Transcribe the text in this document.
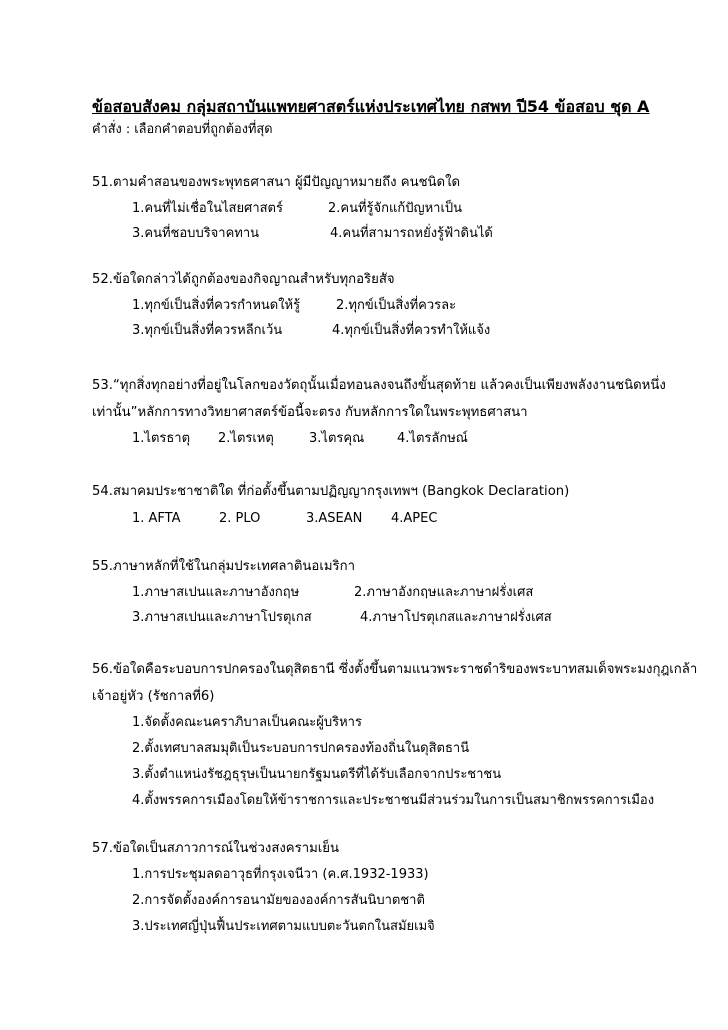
ข้อสอบสังคม กลุ่มสถาบันแพทยศาสตร์แห่งประเทศไทย กสพท ปี54 ข้อสอบ ชุด A
คำสั่ง : เลือกคำตอบที่ถูกต้องที่สุด
51.ตามคำสอนของพระพุทธศาสนา ผู้มีปัญญาหมายถึง คนชนิดใด
1.คนที่ไม่เชื่อในไสยศาสตร์	2.คนที่รู้จักแก้ปัญหาเป็น
3.คนที่ชอบบริจาคทาน	4.คนที่สามารถหยั่งรู้ฟ้าดินได้
52.ข้อใดกล่าวได้ถูกต้องของกิจญาณสำหรับทุกอริยสัจ
1.ทุกข์เป็นสิ่งที่ควรกำหนดให้รู้	2.ทุกข์เป็นสิ่งที่ควรละ
3.ทุกข์เป็นสิ่งที่ควรหลีกเว้น	4.ทุกข์เป็นสิ่งที่ควรทำให้แจ้ง
53.“ทุกสิ่งทุกอย่างที่อยู่ในโลกของวัตถุนั้นเมื่อทอนลงจนถึงขั้นสุดท้าย แล้วคงเป็นเพียงพลังงานชนิดหนึ่ง
เท่านั้น”หลักการทางวิทยาศาสตร์ข้อนี้จะตรง กับหลักการใดในพระพุทธศาสนา
1.ไตรธาตุ 2.ไตรเหตุ	3.ไตรคุณ	4.ไตรลักษณ์
54.สมาคมประชาชาติใด ที่ก่อตั้งขึ้นตามปฏิญญากรุงเทพฯ (Bangkok Declaration)
1. AFTA	2. PLO	3.ASEAN 4.APEC
55.ภาษาหลักที่ใช้ในกลุ่มประเทศลาตินอเมริกา
1.ภาษาสเปนและภาษาอังกฤษ	2.ภาษาอังกฤษและภาษาฝรั่งเศส
3.ภาษาสเปนและภาษาโปรตุเกส	4.ภาษาโปรตุเกสและภาษาฝรั่งเศส
56.ข้อใดคือระบอบการปกครองในดุสิตธานี ซึ่งตั้งขึ้นตามแนวพระราชดำริของพระบาทสมเด็จพระมงกุฎเกล้า
เจ้าอยู่หัว (รัชกาลที่6)
1.จัดตั้งคณะนคราภิบาลเป็นคณะผู้บริหาร
2.ตั้งเทศบาลสมมุติเป็นระบอบการปกครองท้องถิ่นในดุสิตธานี
3.ตั้งตำแหน่งรัชฎธุรุษเป็นนายกรัฐมนตรีที่ได้รับเลือกจากประชาชน
4.ตั้งพรรคการเมืองโดยให้ข้าราชการและประชาชนมีส่วนร่วมในการเป็นสมาชิกพรรคการเมือง
57.ข้อใดเป็นสภาวการณ์ในช่วงสงครามเย็น
1.การประชุมลดอาวุธที่กรุงเจนีวา (ค.ศ.1932-1933)
2.การจัดตั้งองค์การอนามัยขององค์การสันนิบาตชาติ
3.ประเทศญี่ปุ่นฟื้นประเทศตามแบบตะวันตกในสมัยเมจิ
